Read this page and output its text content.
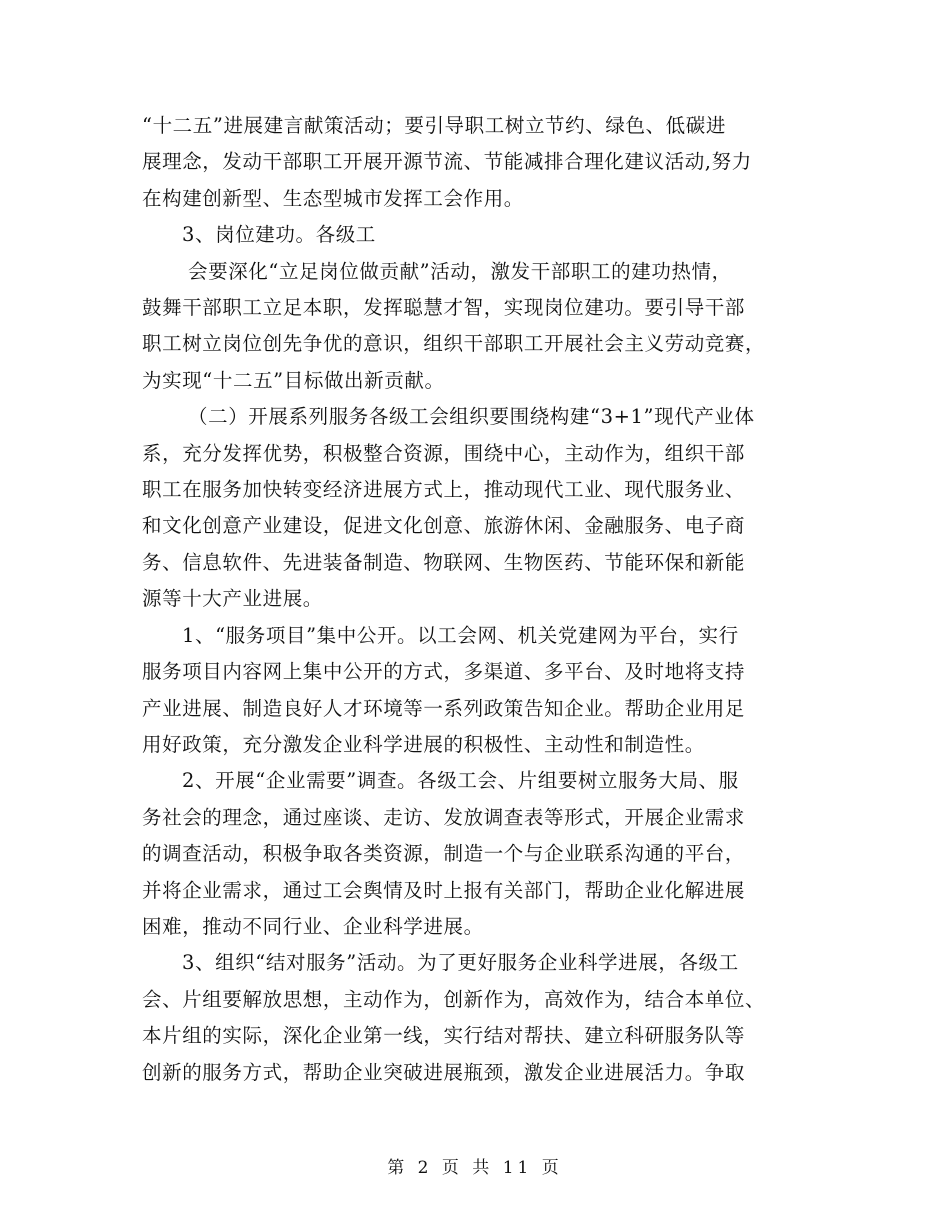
“十二五”进展建言献策活动；要引导职工树立节约、绿色、低碳进
展理念，发动干部职工开展开源节流、节能减排合理化建议活动,努力
在构建创新型、生态型城市发挥工会作用。
3、岗位建功。各级工
会要深化“立足岗位做贡献”活动，激发干部职工的建功热情，
鼓舞干部职工立足本职，发挥聪慧才智，实现岗位建功。要引导干部
职工树立岗位创先争优的意识，组织干部职工开展社会主义劳动竞赛，
为实现“十二五”目标做出新贡献。
（二）开展系列服务各级工会组织要围绕构建“3+1”现代产业体
系，充分发挥优势，积极整合资源，围绕中心，主动作为，组织干部
职工在服务加快转变经济进展方式上，推动现代工业、现代服务业、
和文化创意产业建设，促进文化创意、旅游休闲、金融服务、电子商
务、信息软件、先进装备制造、物联网、生物医药、节能环保和新能
源等十大产业进展。
1、“服务项目”集中公开。以工会网、机关党建网为平台，实行
服务项目内容网上集中公开的方式，多渠道、多平台、及时地将支持
产业进展、制造良好人才环境等一系列政策告知企业。帮助企业用足
用好政策，充分激发企业科学进展的积极性、主动性和制造性。
2、开展“企业需要”调查。各级工会、片组要树立服务大局、服
务社会的理念，通过座谈、走访、发放调查表等形式，开展企业需求
的调查活动，积极争取各类资源，制造一个与企业联系沟通的平台，
并将企业需求，通过工会舆情及时上报有关部门，帮助企业化解进展
困难，推动不同行业、企业科学进展。
3、组织“结对服务”活动。为了更好服务企业科学进展，各级工
会、片组要解放思想，主动作为，创新作为，高效作为，结合本单位、
本片组的实际，深化企业第一线，实行结对帮扶、建立科研服务队等
创新的服务方式，帮助企业突破进展瓶颈，激发企业进展活力。争取
第 2 页 共 11 页
